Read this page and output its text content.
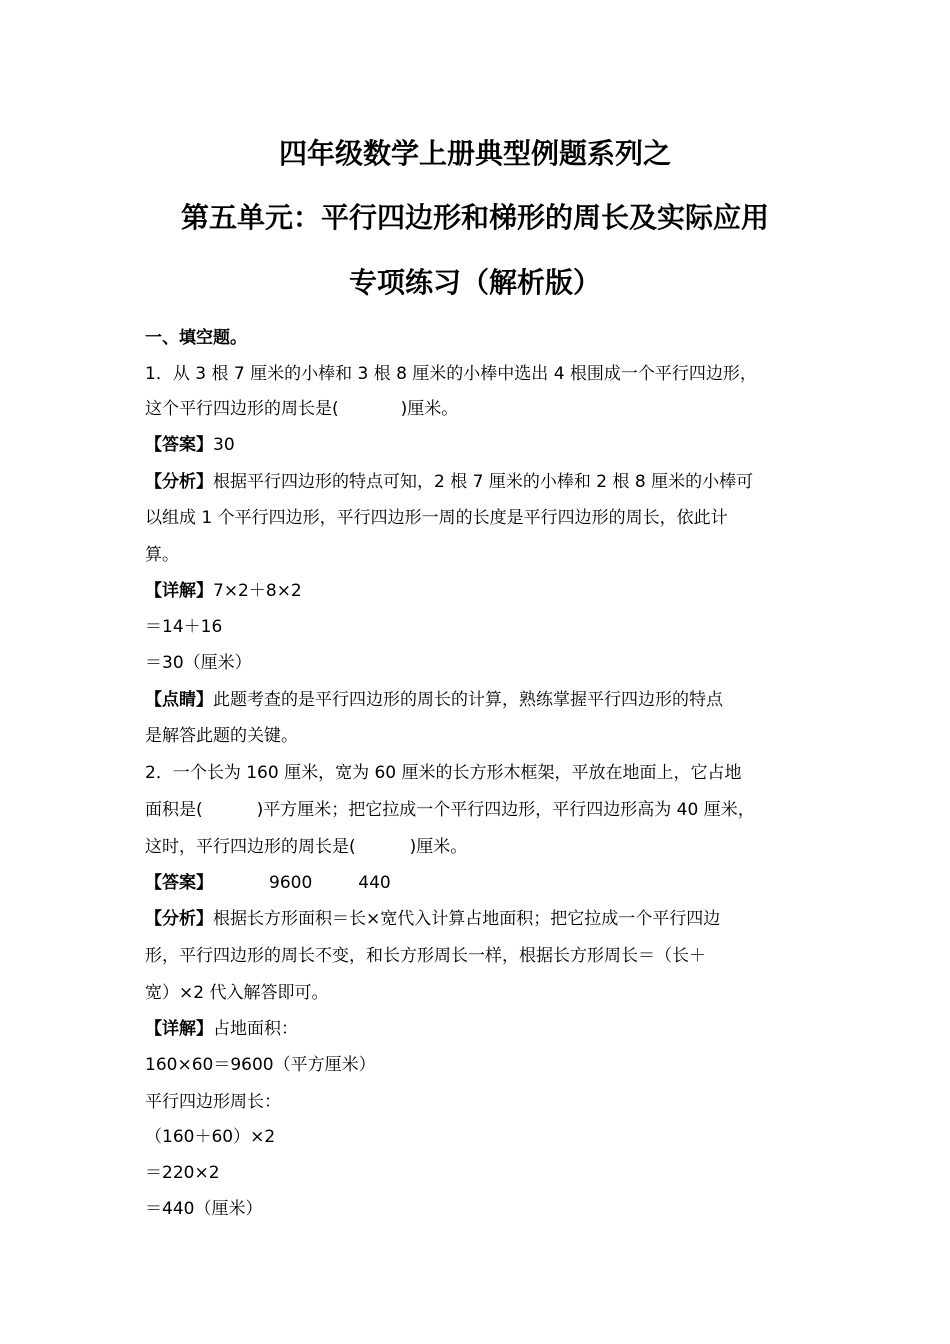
四年级数学上册典型例题系列之
第五单元：平行四边形和梯形的周长及实际应用
专项练习（解析版）
一、填空题。
1．从 3 根 7 厘米的小棒和 3 根 8 厘米的小棒中选出 4 根围成一个平行四边形，
这个平行四边形的周长是(	)厘米。
【答案】30
【分析】根据平行四边形的特点可知，2 根 7 厘米的小棒和 2 根 8 厘米的小棒可
以组成 1 个平行四边形，平行四边形一周的长度是平行四边形的周长，依此计
算。
【详解】7×2＋8×2
＝14＋16
＝30（厘米）
【点睛】此题考查的是平行四边形的周长的计算，熟练掌握平行四边形的特点
是解答此题的关键。
2．一个长为 160 厘米，宽为 60 厘米的长方形木框架，平放在地面上，它占地
面积是(	)平方厘米；把它拉成一个平行四边形，平行四边形高为 40 厘米，
这时，平行四边形的周长是(	)厘米。
【答案】	9600	440
【分析】根据长方形面积＝长×宽代入计算占地面积；把它拉成一个平行四边
形，平行四边形的周长不变，和长方形周长一样，根据长方形周长＝（长＋
宽）×2 代入解答即可。
【详解】占地面积：
160×60＝9600（平方厘米）
平行四边形周长：
（160＋60）×2
＝220×2
＝440（厘米）
